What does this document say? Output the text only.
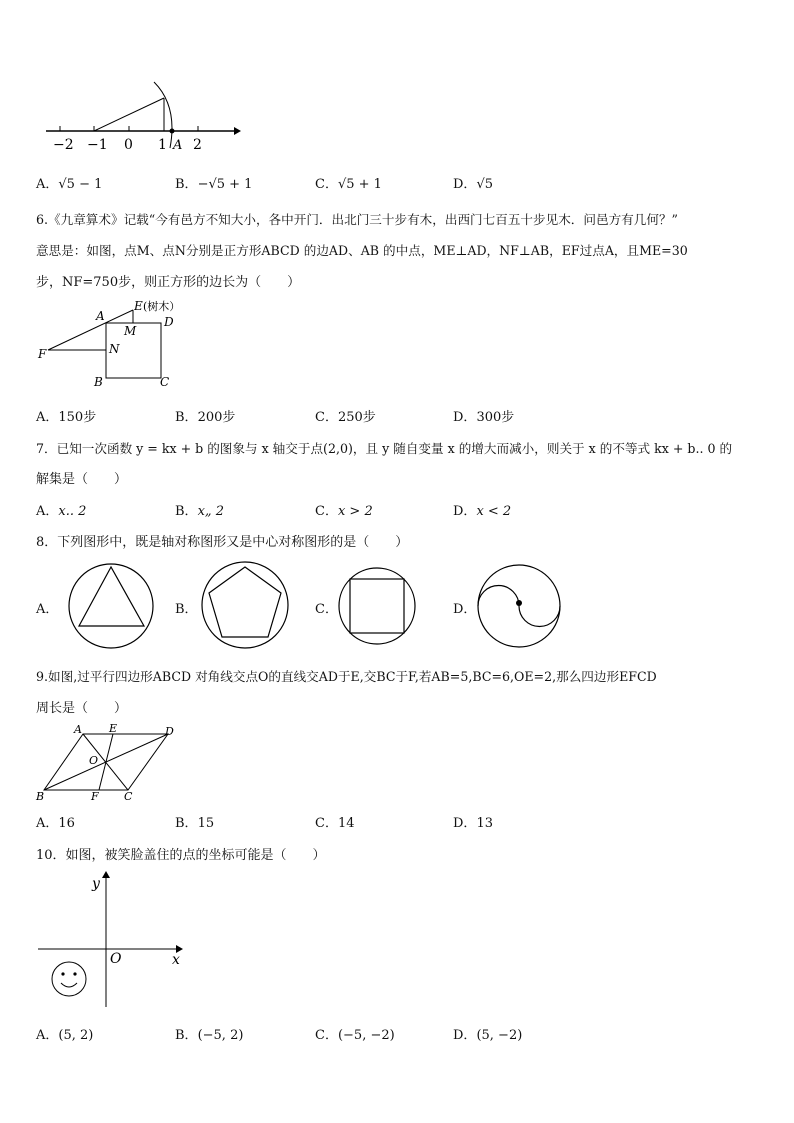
−2 −1 0 1 2
A
A．√5 − 1	B．−√5 + 1	C．√5 + 1	D．√5
6.《九章算术》记载“今有邑方不知大小，各中开门．出北门三十步有木，出西门七百五十步见木．问邑方有几何？”
意思是：如图，点M、点N分别是正方形ABCD 的边AD、AB 的中点，ME⊥AD，NF⊥AB，EF过点A，且ME=30
步，NF=750步，则正方形的边长为（　　）
A
E (树木）
D
M
N
F
B	C
A．150步	B．200步	C．250步	D．300步
7．已知一次函数 y = kx + b 的图象与 x 轴交于点(2,0)，且 y 随自变量 x 的增大而减小，则关于 x 的不等式 kx + b.. 0 的
解集是（　　）
A．x.. 2	B．x„ 2	C．x > 2	D．x < 2
8．下列图形中，既是轴对称图形又是中心对称图形的是（　　）
A．	B．	C．	D．
9.如图,过平行四边形ABCD 对角线交点O的直线交AD于E,交BC于F,若AB=5,BC=6,OE=2,那么四边形EFCD
周长是（　　）
A E	D
O
B	F C
A．16	B．15	C．14	D．13
10．如图，被笑脸盖住的点的坐标可能是（　　）
y
x
O
A．(5, 2)	B．(−5, 2)	C．(−5, −2)	D．(5, −2)
